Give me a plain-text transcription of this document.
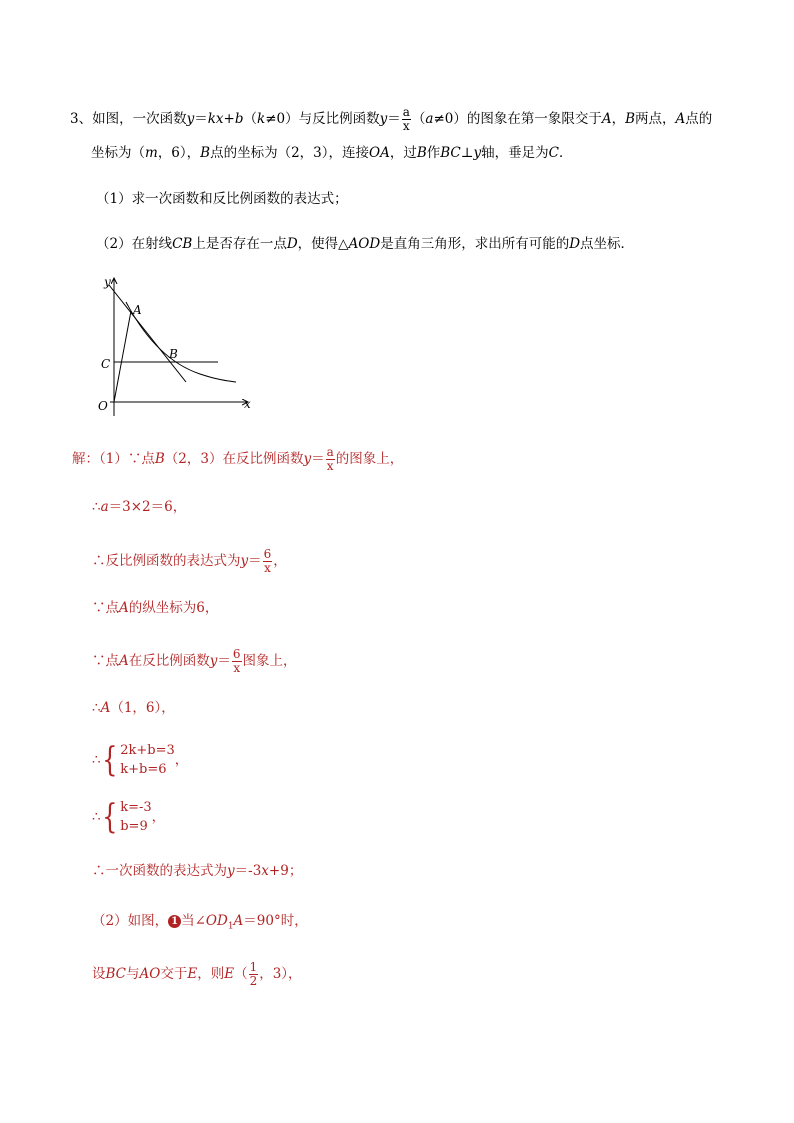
3、如图，一次函数y＝kx+b（k≠0）与反比例函数$y= \frac{a}{x} (a\ne 0)$的图象在第一象限交于A，B两点，A点的
坐标为（m，6），B点的坐标为（2，3），连接OA，过B作BC⊥y轴，垂足为C．
（1）求一次函数和反比例函数的表达式；
（2）在射线CB上是否存在一点D，使得△AOD是直角三角形，求出所有可能的D点坐标．
y
x
O
A
B
C
解：（1）∵点B（2，3）在反比例函数$y= \frac{a}{x}$ 的图象上，
∴a＝3×2＝6，
∴反比例函数的表达式为$y= \frac{6}{x}$ ，
∵点A的纵坐标为6，
∵点A在反比例函数$y= \frac{6}{x}$ 图象上，
∴A（1，6），
∴{ 2k+b=3
k+b=6
，
∴{ k=-3
b=9
，
∴一次函数的表达式为y＝-3x+9；
（2）如图， 1 当$\angle OD_1A=90^\circ$时，
设BC与AO交于E，则$E( \frac{1}{2}$ ，3），
